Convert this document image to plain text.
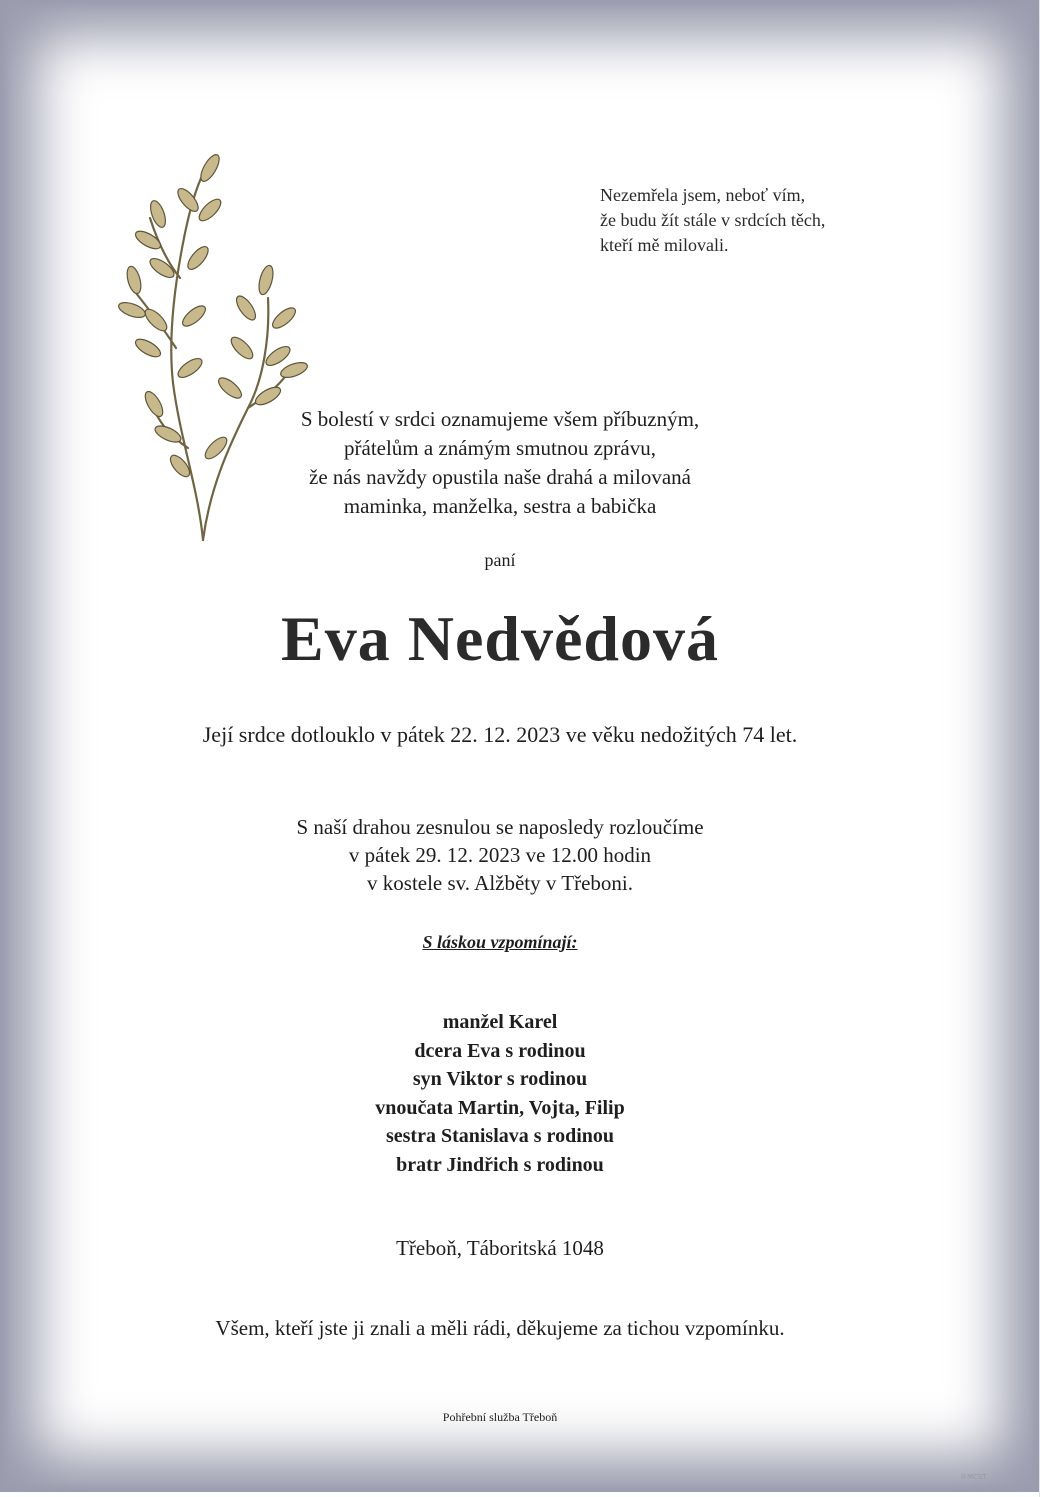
Nezemřela jsem, neboť vím,
že budu žít stále v srdcích těch,
kteří mě milovali.
S bolestí v srdci oznamujeme všem příbuzným,
přátelům a známým smutnou zprávu,
že nás navždy opustila naše drahá a milovaná
maminka, manželka, sestra a babička
paní
Eva Nedvědová

Její srdce dotlouklo v pátek 22. 12. 2023 ve věku nedožitých 74 let.

S naší drahou zesnulou se naposledy rozloučíme
v pátek 29. 12. 2023 ve 12.00 hodin
v kostele sv. Alžběty v Třeboni.
S láskou vzpomínají:
manžel Karel
dcera Eva s rodinou
syn Viktor s rodinou
vnoučata Martin, Vojta, Filip
sestra Stanislava s rodinou
bratr Jindřich s rodinou
Třeboň, Táboritská 1048
Všem, kteří jste ji znali a měli rádi, děkujeme za tichou vzpomínku.
Pohřební služba Třeboň
®MCST
